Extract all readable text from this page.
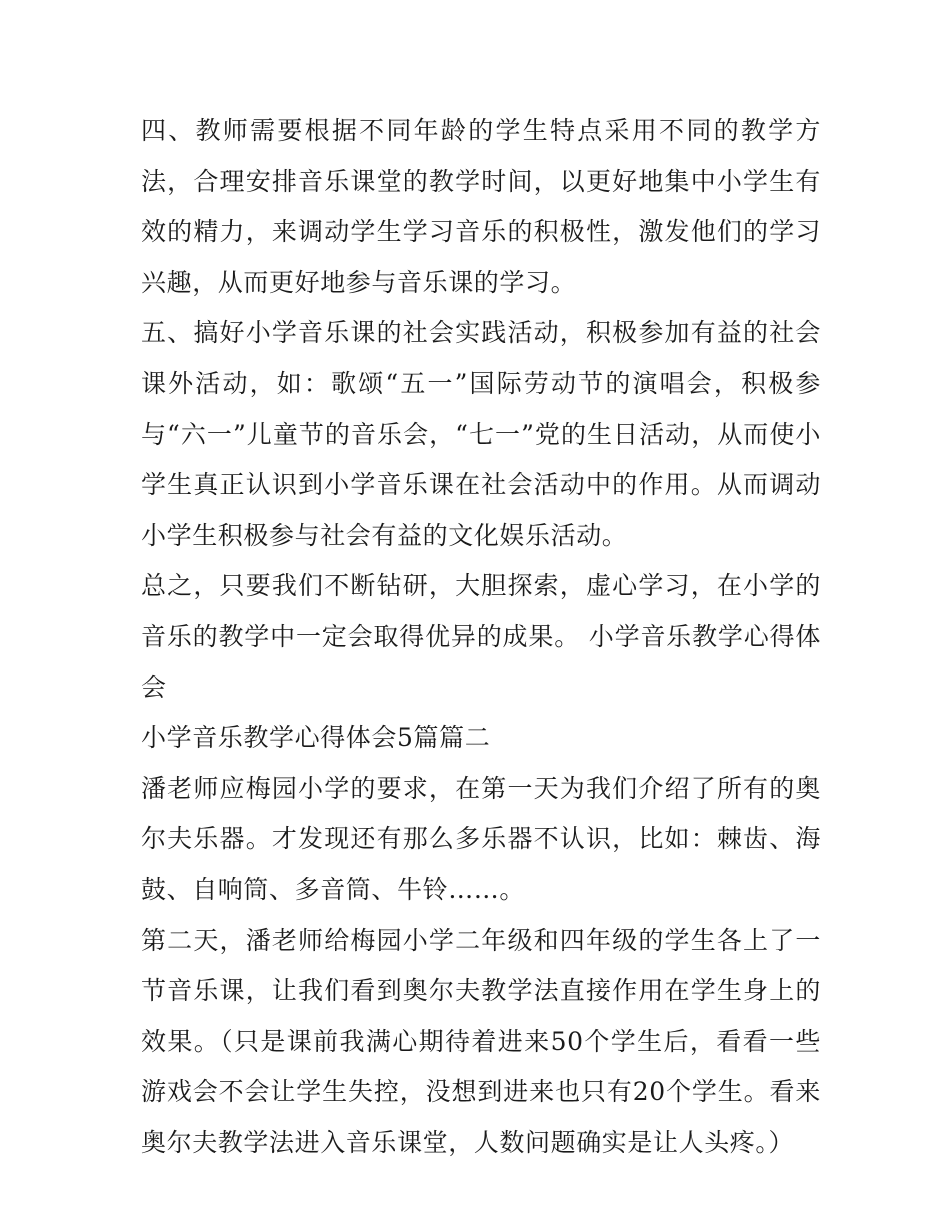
四、教师需要根据不同年龄的学生特点采用不同的教学方法，合理安排音乐课堂的教学时间，以更好地集中小学生有效的精力，来调动学生学习音乐的积极性，激发他们的学习兴趣，从而更好地参与音乐课的学习。

五、搞好小学音乐课的社会实践活动，积极参加有益的社会课外活动，如：歌颂“五一”国际劳动节的演唱会，积极参与“六一”儿童节的音乐会，“七一”党的生日活动，从而使小学生真正认识到小学音乐课在社会活动中的作用。从而调动小学生积极参与社会有益的文化娱乐活动。

总之，只要我们不断钻研，大胆探索，虚心学习，在小学的音乐的教学中一定会取得优异的成果。 小学音乐教学心得体会

小学音乐教学心得体会5篇篇二

潘老师应梅园小学的要求，在第一天为我们介绍了所有的奥尔夫乐器。才发现还有那么多乐器不认识，比如：棘齿、海鼓、自响筒、多音筒、牛铃……。

第二天，潘老师给梅园小学二年级和四年级的学生各上了一节音乐课，让我们看到奥尔夫教学法直接作用在学生身上的效果。（只是课前我满心期待着进来50个学生后，看看一些游戏会不会让学生失控，没想到进来也只有20个学生。看来奥尔夫教学法进入音乐课堂，人数问题确实是让人头疼。）
